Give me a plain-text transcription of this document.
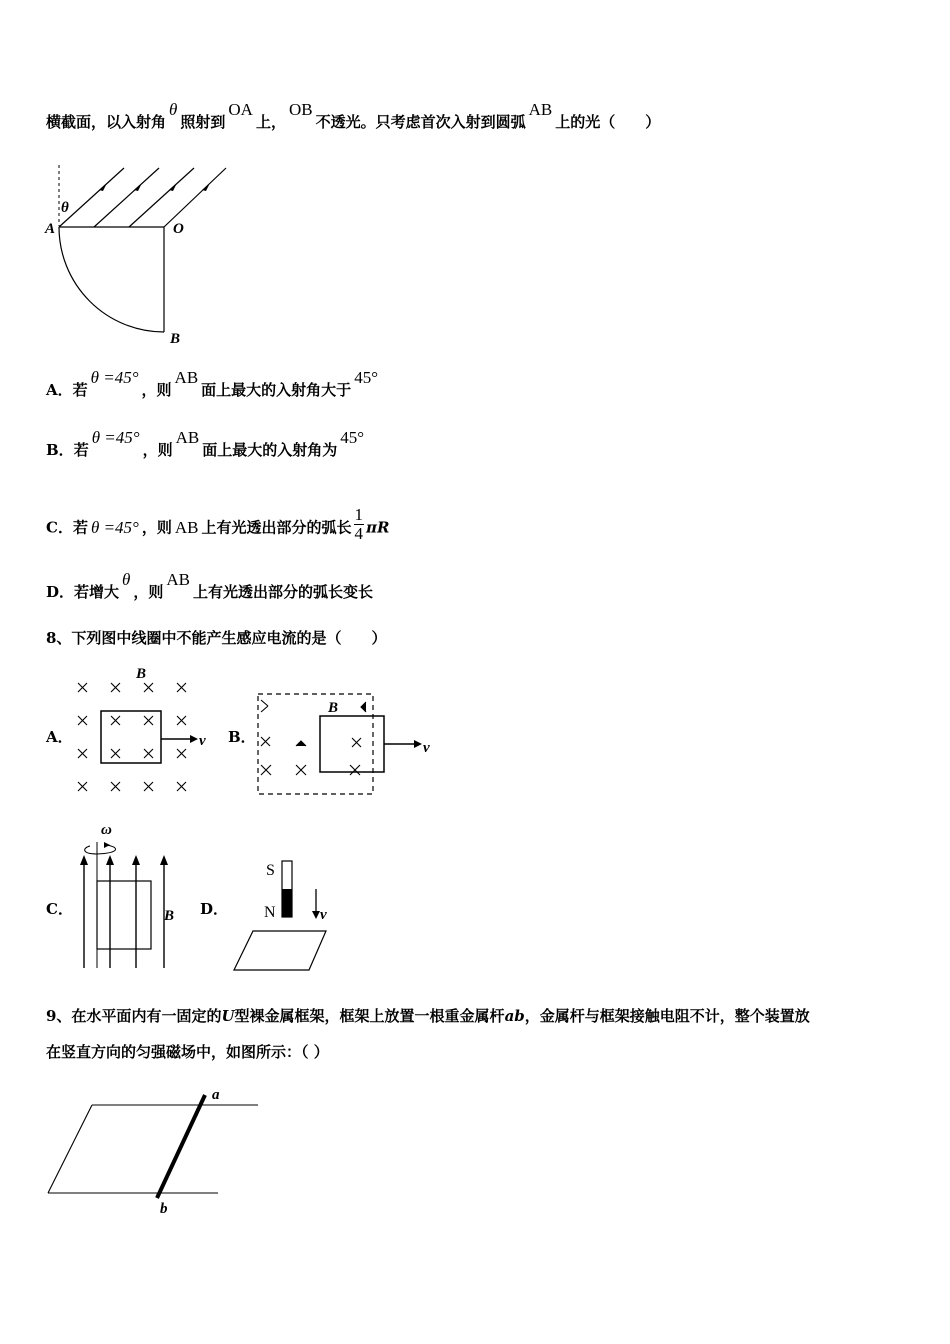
横截面，以入射角θ照射到OA上，OB不透光。只考虑首次入射到圆弧AB上的光（　　）
θ
A	O
B
A．若θ =45°，则AB面上最大的入射角大于45°
B．若θ =45°，则AB面上最大的入射角为45°
C．若 θ =45° ，则 AB 上有光透出部分的弧长 $\frac{1}{4}$ πR
D．若增大θ，则AB上有光透出部分的弧长变长
8、下列图中线圈中不能产生感应电流的是（　　）
A．	B．
C．	D．
B
v
B
v
ω
B
S
N	v
9、在水平面内有一固定的U型裸金属框架，框架上放置一根重金属杆ab，金属杆与框架接触电阻不计，整个装置放
在竖直方向的匀强磁场中，如图所示：（ ）
a
b
